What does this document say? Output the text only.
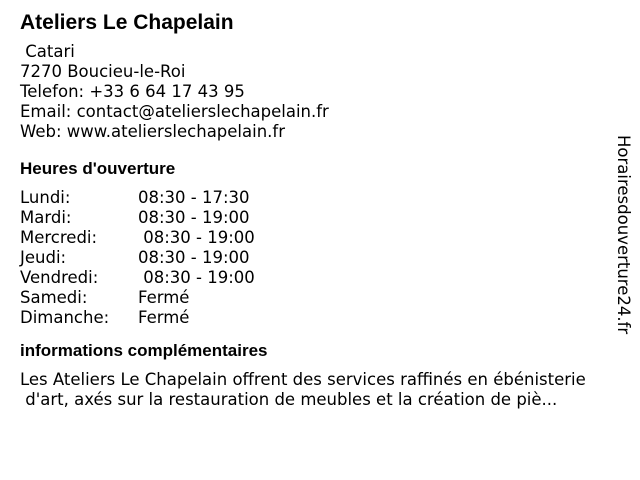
Ateliers Le Chapelain
Catari
7270 Boucieu-le-Roi
Telefon: +33 6 64 17 43 95
Email: contact@atelierslechapelain.fr
Web: www.atelierslechapelain.fr
Heures d'ouverture
Lundi:	08:30 - 17:30
Mardi:	08:30 - 19:00
Mercredi:	08:30 - 19:00
Jeudi:	08:30 - 19:00
Vendredi:	08:30 - 19:00
Samedi:	Fermé
Dimanche:	Fermé
informations complémentaires
Les Ateliers Le Chapelain offrent des services raffinés en ébénisterie
d'art, axés sur la restauration de meubles et la création de piè...
Horairesdouverture24.fr
